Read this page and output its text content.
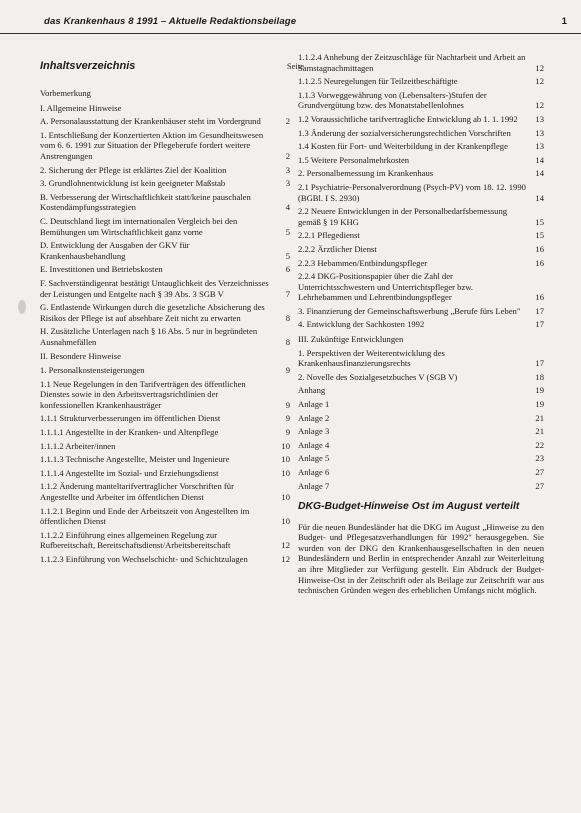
das Krankenhaus 8 1991 – Aktuelle Redaktionsbeilage	1
Inhaltsverzeichnis	Seite
Vorbemerkung
I. Allgemeine Hinweise
A. Personalausstattung der Krankenhäuser steht im Vordergrund	2
1. Entschließung der Konzertierten Aktion im Gesundheitswesen vom 6. 6. 1991 zur Situation der Pflegeberufe fordert weitere Anstrengungen	2
2. Sicherung der Pflege ist erklärtes Ziel der Koalition	3
3. Grundlohnentwicklung ist kein geeigneter Maßstab	3
B. Verbesserung der Wirtschaftlichkeit statt/keine pauschalen Kostendämpfungsstrategien	4
C. Deutschland liegt im internationalen Vergleich bei den Bemühungen um Wirtschaftlichkeit ganz vorne	5
D. Entwicklung der Ausgaben der GKV für Krankenhausbehandlung	5
E. Investitionen und Betriebskosten	6
F. Sachverständigenrat bestätigt Untauglichkeit des Verzeichnisses der Leistungen und Entgelte nach § 39 Abs. 3 SGB V	7
G. Entlastende Wirkungen durch die gesetzliche Absicherung des Risikos der Pflege ist auf absehbare Zeit nicht zu erwarten	8
H. Zusätzliche Unterlagen nach § 16 Abs. 5 nur in begründeten Ausnahmefällen	8
II. Besondere Hinweise
1. Personalkostensteigerungen	9
1.1 Neue Regelungen in den Tarifverträgen des öffentlichen Dienstes sowie in den Arbeitsvertragsrichtlinien der konfessionellen Krankenhausträger	9
1.1.1 Strukturverbesserungen im öffentlichen Dienst	9
1.1.1.1 Angestellte in der Kranken- und Altenpflege	9
1.1.1.2 Arbeiter/innen	10
1.1.1.3 Technische Angestellte, Meister und Ingenieure	10
1.1.1.4 Angestellte im Sozial- und Erziehungsdienst	10
1.1.2 Änderung manteltarifvertraglicher Vorschriften für Angestellte und Arbeiter im öffentlichen Dienst	10
1.1.2.1 Beginn und Ende der Arbeitszeit von Angestellten im öffentlichen Dienst	10
1.1.2.2 Einführung eines allgemeinen Regelung zur Rufbereitschaft, Bereitschaftsdienst/Arbeitsbereitschaft	12
1.1.2.3 Einführung von Wechselschicht- und Schichtzulagen	12
1.1.2.4 Anhebung der Zeitzuschläge für Nachtarbeit und Arbeit an Samstagnachmittagen	12
1.1.2.5 Neuregelungen für Teilzeitbeschäftigte	12
1.1.3 Vorweggewährung von (Lebensalters-)Stufen der Grundvergütung bzw. des Monatstabellenlohnes	12
1.2 Voraussichtliche tarifvertragliche Entwicklung ab 1. 1. 1992 13
1.3 Änderung der sozialversicherungsrechtlichen Vorschriften	13
1.4 Kosten für Fort- und Weiterbildung in der Krankenpflege	13
1.5 Weitere Personalmehrkosten	14
2. Personalbemessung im Krankenhaus	14
2.1 Psychiatrie-Personalverordnung (Psych-PV) vom 18. 12. 1990 (BGBl. I S. 2930)	14
2.2 Neuere Entwicklungen in der Personalbedarfsbemessung gemäß § 19 KHG	15
2.2.1 Pflegedienst	15
2.2.2 Ärztlicher Dienst	16
2.2.3 Hebammen/Entbindungspfleger	16
2.2.4 DKG-Positionspapier über die Zahl der Unterrichtsschwestern und Unterrichtspfleger bzw. Lehrhebammen und Lehrentbindungspfleger	16
3. Finanzierung der Gemeinschaftswerbung „Berufe fürs Leben" 17
4. Entwicklung der Sachkosten 1992	17
III. Zukünftige Entwicklungen
1. Perspektiven der Weiterentwicklung des Krankenhausfinanzierungsrechts	17
2. Novelle des Sozialgesetzbuches V (SGB V)	18
Anhang	19
Anlage 1	19
Anlage 2	21
Anlage 3	21
Anlage 4	22
Anlage 5	23
Anlage 6	27
Anlage 7	27
DKG-Budget-Hinweise Ost im August verteilt
Für die neuen Bundesländer hat die DKG im August „Hinweise zu den Budget- und Pflegesatzverhandlungen für 1992" herausgegeben. Sie wurden von der DKG den Krankenhausgesellschaften in den neuen Bundesländern und Berlin in entsprechender Anzahl zur Weiterleitung an ihre Mitglieder zur Verfügung gestellt. Ein Abdruck der Budget-Hinweise-Ost in der Zeitschrift oder als Beilage zur Zeitschrift war aus technischen Gründen wegen des erheblichen Umfangs nicht möglich.
